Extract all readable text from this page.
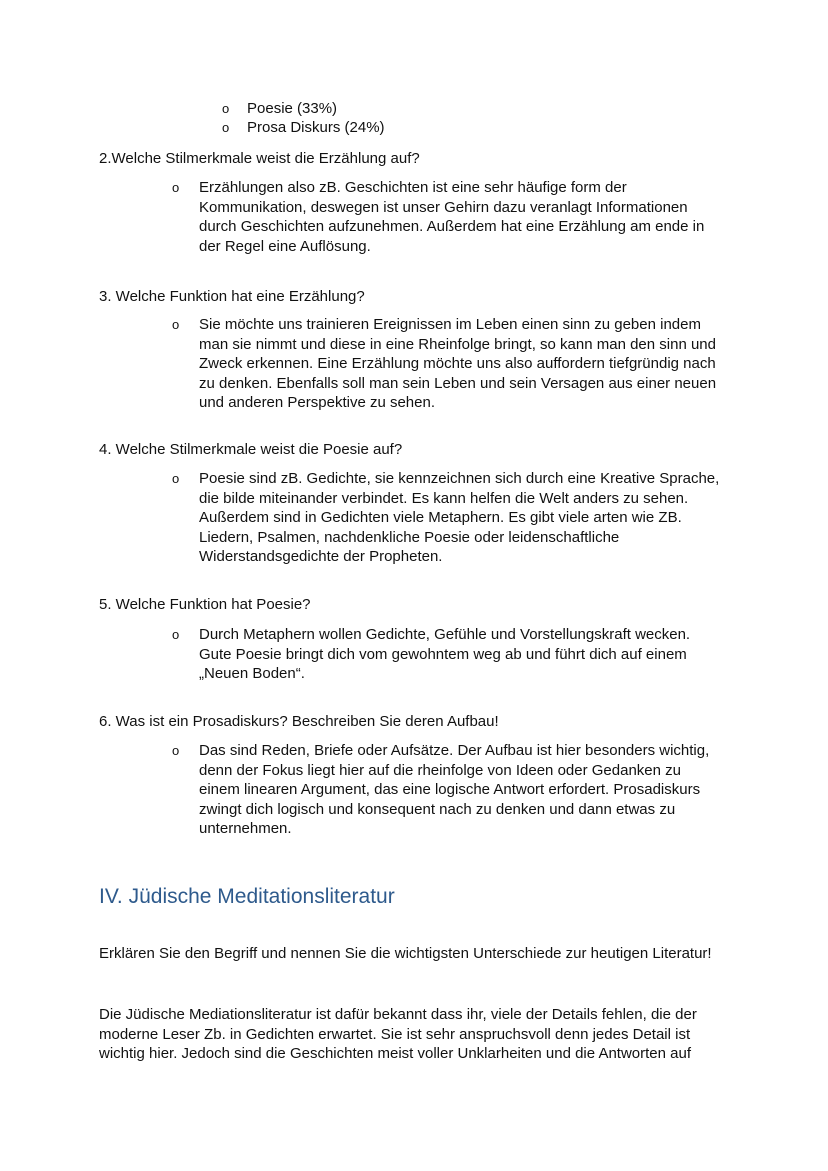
o Poesie (33%)
o Prosa Diskurs (24%)
2.Welche Stilmerkmale weist die Erzählung auf?
o Erzählungen also zB. Geschichten ist eine sehr häufige form der
Kommunikation, deswegen ist unser Gehirn dazu veranlagt Informationen
durch Geschichten aufzunehmen. Außerdem hat eine Erzählung am ende in
der Regel eine Auflösung.
3. Welche Funktion hat eine Erzählung?
o Sie möchte uns trainieren Ereignissen im Leben einen sinn zu geben indem
man sie nimmt und diese in eine Rheinfolge bringt, so kann man den sinn und
Zweck erkennen. Eine Erzählung möchte uns also auffordern tiefgründig nach
zu denken. Ebenfalls soll man sein Leben und sein Versagen aus einer neuen
und anderen Perspektive zu sehen.
4. Welche Stilmerkmale weist die Poesie auf?
o Poesie sind zB. Gedichte, sie kennzeichnen sich durch eine Kreative Sprache,
die bilde miteinander verbindet. Es kann helfen die Welt anders zu sehen.
Außerdem sind in Gedichten viele Metaphern. Es gibt viele arten wie ZB.
Liedern, Psalmen, nachdenkliche Poesie oder leidenschaftliche
Widerstandsgedichte der Propheten.
5. Welche Funktion hat Poesie?
o Durch Metaphern wollen Gedichte, Gefühle und Vorstellungskraft wecken.
Gute Poesie bringt dich vom gewohntem weg ab und führt dich auf einem
„Neuen Boden“.
6. Was ist ein Prosadiskurs? Beschreiben Sie deren Aufbau!
o Das sind Reden, Briefe oder Aufsätze. Der Aufbau ist hier besonders wichtig,
denn der Fokus liegt hier auf die rheinfolge von Ideen oder Gedanken zu
einem linearen Argument, das eine logische Antwort erfordert. Prosadiskurs
zwingt dich logisch und konsequent nach zu denken und dann etwas zu
unternehmen.
IV. Jüdische Meditationsliteratur
Erklären Sie den Begriff und nennen Sie die wichtigsten Unterschiede zur heutigen Literatur!
Die Jüdische Mediationsliteratur ist dafür bekannt dass ihr, viele der Details fehlen, die der
moderne Leser Zb. in Gedichten erwartet. Sie ist sehr anspruchsvoll denn jedes Detail ist
wichtig hier. Jedoch sind die Geschichten meist voller Unklarheiten und die Antworten auf
